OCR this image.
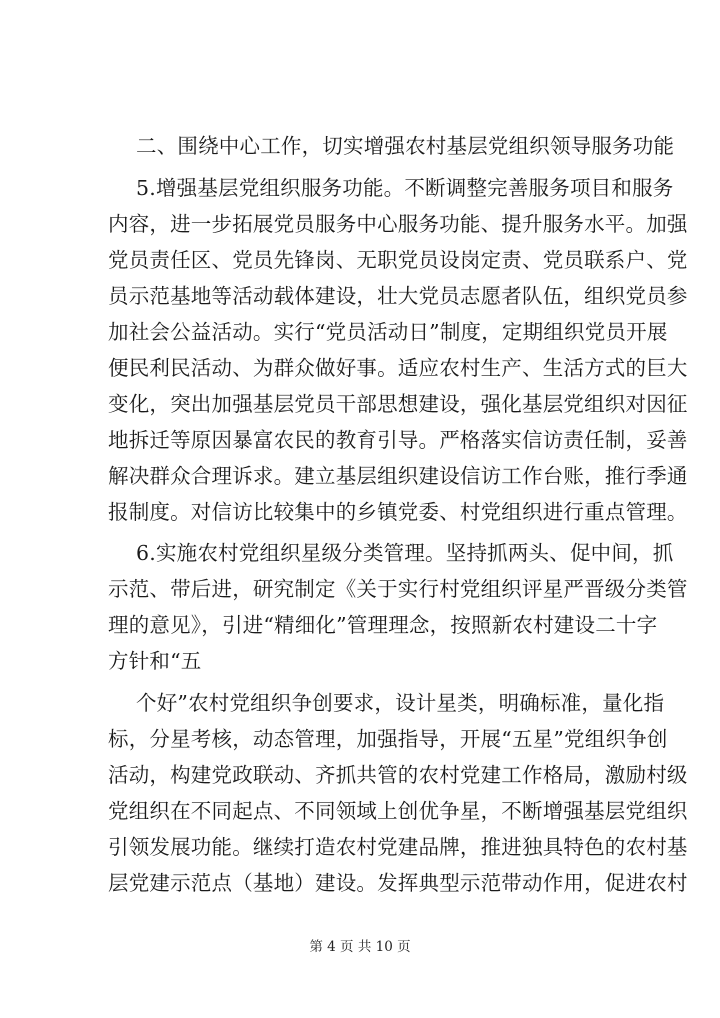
二、围绕中心工作，切实增强农村基层党组织领导服务功能
5.增强基层党组织服务功能。不断调整完善服务项目和服务
内容，进一步拓展党员服务中心服务功能、提升服务水平。加强
党员责任区、党员先锋岗、无职党员设岗定责、党员联系户、党
员示范基地等活动载体建设，壮大党员志愿者队伍，组织党员参
加社会公益活动。实行“党员活动日”制度，定期组织党员开展
便民利民活动、为群众做好事。适应农村生产、生活方式的巨大
变化，突出加强基层党员干部思想建设，强化基层党组织对因征
地拆迁等原因暴富农民的教育引导。严格落实信访责任制，妥善
解决群众合理诉求。建立基层组织建设信访工作台账，推行季通
报制度。对信访比较集中的乡镇党委、村党组织进行重点管理。
6.实施农村党组织星级分类管理。坚持抓两头、促中间，抓
示范、带后进，研究制定《关于实行村党组织评星严晋级分类管
理的意见》，引进“精细化”管理理念，按照新农村建设二十字
方针和“五
个好”农村党组织争创要求，设计星类，明确标准，量化指
标，分星考核，动态管理，加强指导，开展“五星”党组织争创
活动，构建党政联动、齐抓共管的农村党建工作格局，激励村级
党组织在不同起点、不同领域上创优争星，不断增强基层党组织
引领发展功能。继续打造农村党建品牌，推进独具特色的农村基
层党建示范点（基地）建设。发挥典型示范带动作用，促进农村
第 4 页 共 10 页
